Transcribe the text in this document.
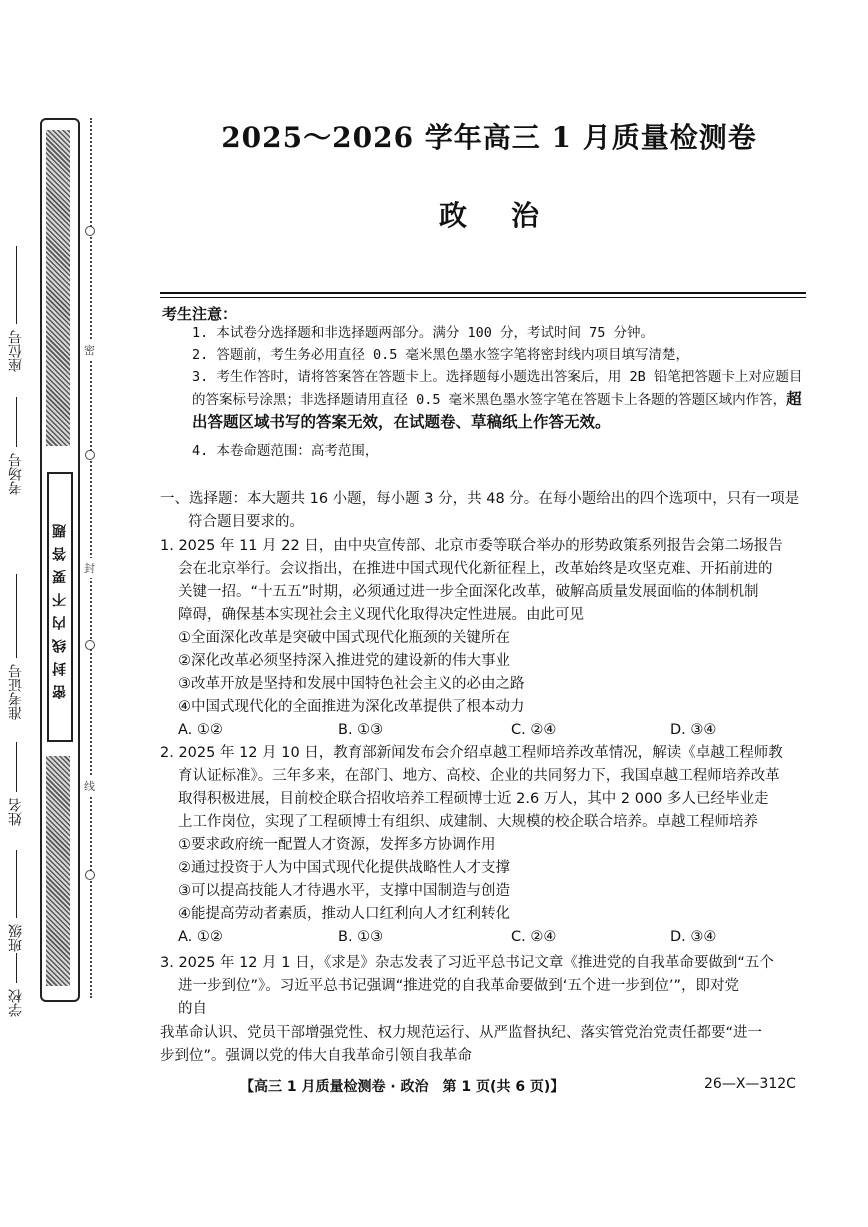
密封线内不要答题
座位号
考场号
准考证号
姓名
班级
学校
密
封
线
2025～2026 学年高三 1 月质量检测卷
政治
考生注意：
1. 本试卷分选择题和非选择题两部分。满分 100 分，考试时间 75 分钟。
2. 答题前，考生务必用直径 0.5 毫米黑色墨水签字笔将密封线内项目填写清楚，
3. 考生作答时，请将答案答在答题卡上。选择题每小题选出答案后，用 2B 铅笔把答题卡上对应题目的答案标号涂黑；非选择题请用直径 0.5 毫米黑色墨水签字笔在答题卡上各题的答题区域内作答，超出答题区域书写的答案无效，在试题卷、草稿纸上作答无效。
4. 本卷命题范围：高考范围，
一、选择题：本大题共 16 小题，每小题 3 分，共 48 分。在每小题给出的四个选项中，只有一项是
符合题目要求的。
1. 2025 年 11 月 22 日，由中央宣传部、北京市委等联合举办的形势政策系列报告会第二场报告
会在北京举行。会议指出，在推进中国式现代化新征程上，改革始终是攻坚克难、开拓前进的
关键一招。“十五五”时期，必须通过进一步全面深化改革，破解高质量发展面临的体制机制
障碍，确保基本实现社会主义现代化取得决定性进展。由此可见
①全面深化改革是突破中国式现代化瓶颈的关键所在
②深化改革必须坚持深入推进党的建设新的伟大事业
③改革开放是坚持和发展中国特色社会主义的必由之路
④中国式现代化的全面推进为深化改革提供了根本动力
A. ①②	B. ①③	C. ②④	D. ③④
2. 2025 年 12 月 10 日，教育部新闻发布会介绍卓越工程师培养改革情况，解读《卓越工程师教
育认证标准》。三年多来，在部门、地方、高校、企业的共同努力下，我国卓越工程师培养改革
取得积极进展，目前校企联合招收培养工程硕博士近 2.6 万人，其中 2 000 多人已经毕业走
上工作岗位，实现了工程硕博士有组织、成建制、大规模的校企联合培养。卓越工程师培养
①要求政府统一配置人才资源，发挥多方协调作用
②通过投资于人为中国式现代化提供战略性人才支撑
③可以提高技能人才待遇水平，支撑中国制造与创造
④能提高劳动者素质，推动人口红利向人才红利转化
A. ①②	B. ①③	C. ②④	D. ③④
3. 2025 年 12 月 1 日，《求是》杂志发表了习近平总书记文章《推进党的自我革命要做到“五个
进一步到位”》。习近平总书记强调“推进党的自我革命要做到‘五个进一步到位’”，即对党
的自
我革命认识、党员干部增强党性、权力规范运行、从严监督执纪、落实管党治党责任都要“进一
步到位”。强调以党的伟大自我革命引领自我革命
【高三 1 月质量检测卷 · 政治　第 1 页(共 6 页)】	26—X—312C
